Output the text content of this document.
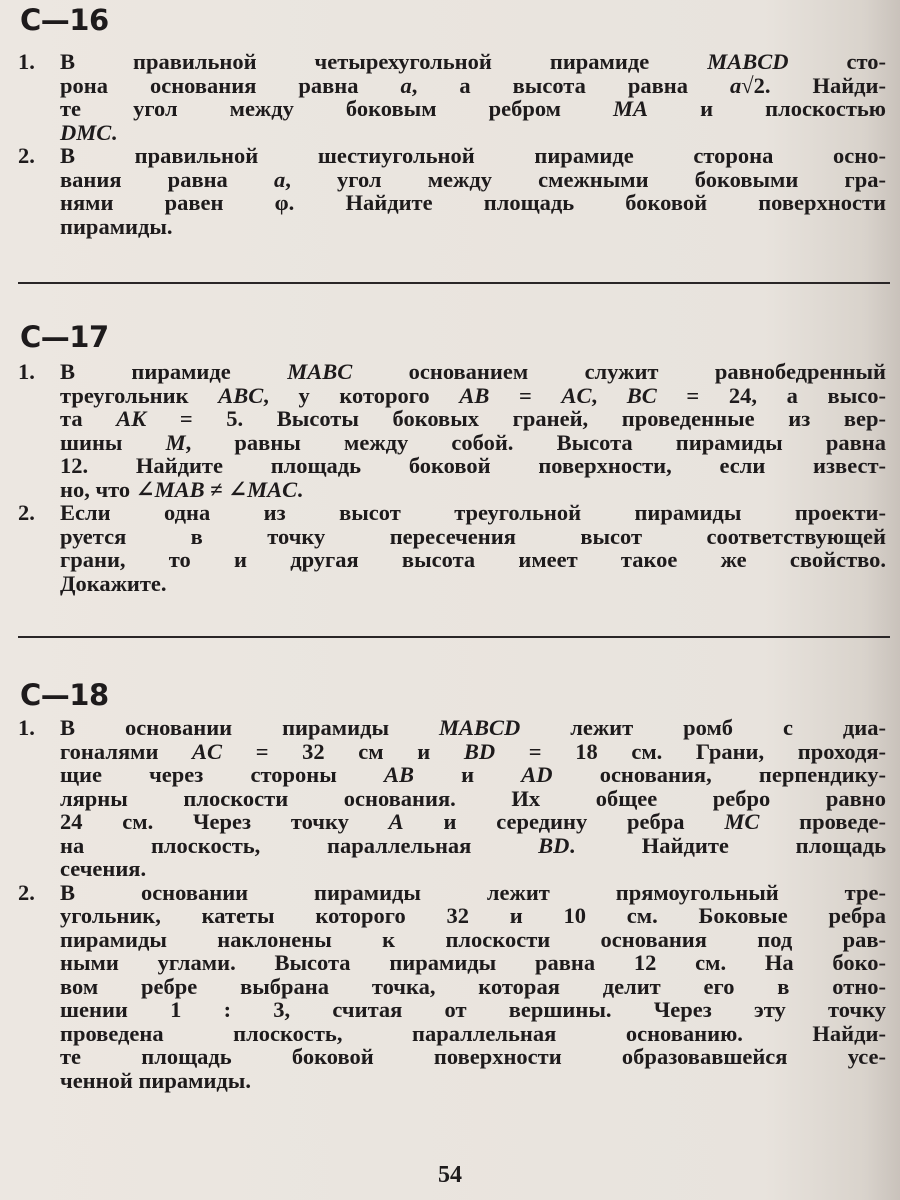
С—16
1. В правильной четырехугольной пирамиде MABCD сто-
рона основания равна a, а высота равна a√2. Найди-
те угол между боковым ребром MA и плоскостью
DMC.
2. В правильной шестиугольной пирамиде сторона осно-
вания равна a, угол между смежными боковыми гра-
нями равен φ. Найдите площадь боковой поверхности
пирамиды.
С—17
1. В пирамиде MABC основанием служит равнобедренный
треугольник ABC, у которого AB = AC, BC = 24, а высо-
та AK = 5. Высоты боковых граней, проведенные из вер-
шины M, равны между собой. Высота пирамиды равна
12. Найдите площадь боковой поверхности, если извест-
но, что ∠MAB ≠ ∠MAC.
2. Если одна из высот треугольной пирамиды проекти-
руется в точку пересечения высот соответствующей
грани, то и другая высота имеет такое же свойство.
Докажите.
С—18
1. В основании пирамиды MABCD лежит ромб с диа-
гоналями AC = 32 см и BD = 18 см. Грани, проходя-
щие через стороны AB и AD основания, перпендику-
лярны плоскости основания. Их общее ребро равно
24 см. Через точку A и середину ребра MC проведе-
на плоскость, параллельная BD. Найдите площадь
сечения.
2. В основании пирамиды лежит прямоугольный тре-
угольник, катеты которого 32 и 10 см. Боковые ребра
пирамиды наклонены к плоскости основания под рав-
ными углами. Высота пирамиды равна 12 см. На боко-
вом ребре выбрана точка, которая делит его в отно-
шении 1 : 3, считая от вершины. Через эту точку
проведена плоскость, параллельная основанию. Найди-
те площадь боковой поверхности образовавшейся усе-
ченной пирамиды.
54
